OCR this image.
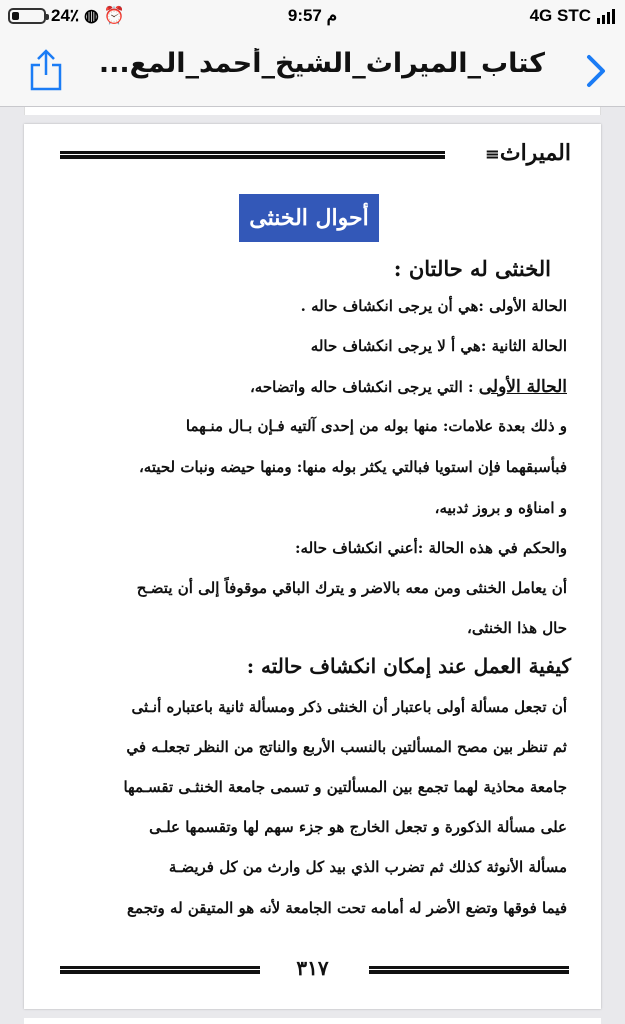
24٪ ◍ ⏰	9:57 م	4G STC
كتاب_الميراث_الشيخ_أحمد_المع...
الميراث≡
أحوال الخنثى
الخنثى له حالتان :
الحالة الأولى :هي أن يرجى انكشاف حاله .
الحالة الثانية :هي أ لا يرجى انكشاف حاله
الحالة الأولى : التي يرجى انكشاف حاله واتضاحه،
و ذلك بعدة علامات: منها بوله من إحدى آلتيه فـإن بـال منـهما
فبأسبقهما فإن استويا فبالتي يكثر بوله منها: ومنها حيضه ونبات لحيته،
و امناؤه و بروز ثدبيه،
والحكم في هذه الحالة :أعني انكشاف حاله:
أن يعامل الخنثى ومن معه بالاضر و يترك الباقي موقوفاً إلى أن يتضـح
حال هذا الخنثى،
كيفية العمل عند إمكان انكشاف حالته :
أن تجعل مسألة أولى باعتبار أن الخنثى ذكر ومسألة ثانية باعتباره أنـثى
ثم تنظر بين مصح المسألتين بالنسب الأربع والناتج من النظر تجعلـه في
جامعة محاذية لهما تجمع بين المسألتين و تسمى جامعة الخنثـى تقسـمها
على مسألة الذكورة و تجعل الخارج هو جزء سهم لها وتقسمها علـى
مسألة الأنوثة كذلك ثم تضرب الذي بيد كل وارث من كل فريضـة
فيما فوقها وتضع الأضر له أمامه تحت الجامعة لأنه هو المتيقن له وتجمع
٣١٧
